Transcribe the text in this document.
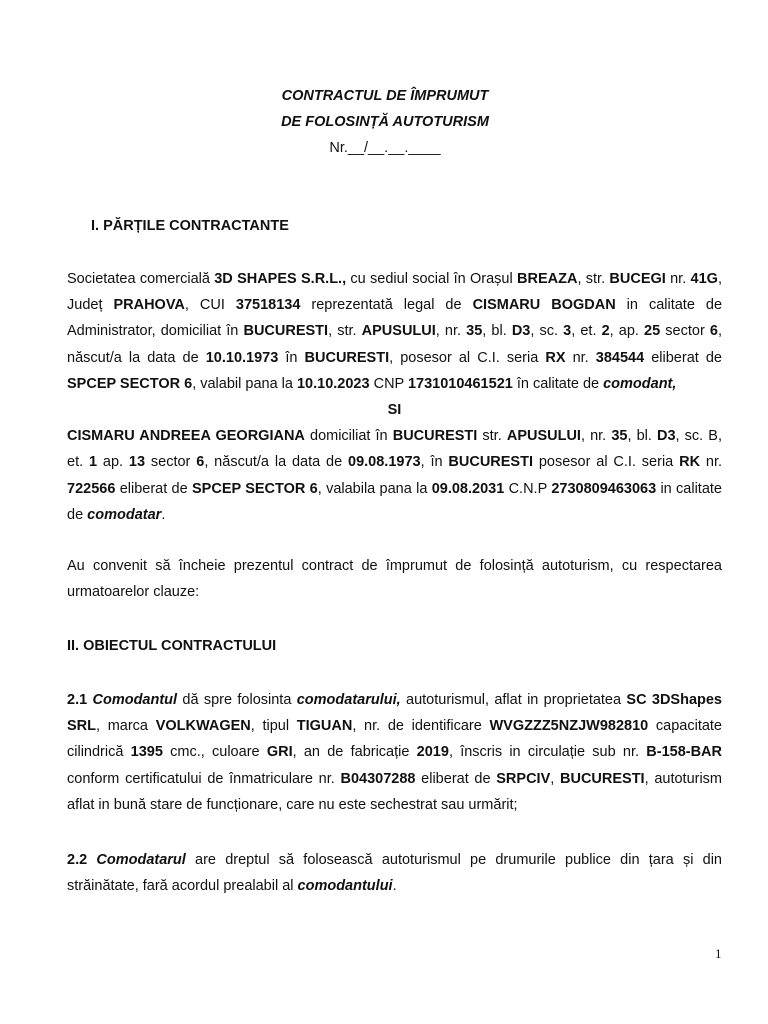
CONTRACTUL DE ÎMPRUMUT
DE FOLOSINȚĂ AUTOTURISM
Nr.__/__.__.____
I. PĂRȚILE CONTRACTANTE

Societatea comercială 3D SHAPES S.R.L., cu sediul social în Orașul BREAZA, str. BUCEGI nr. 41G, Județ PRAHOVA, CUI 37518134 reprezentată legal de CISMARU BOGDAN in calitate de Administrator, domiciliat în BUCURESTI, str. APUSULUI, nr. 35, bl. D3, sc. 3, et. 2, ap. 25 sector 6, născut/a la data de 10.10.1973 în BUCURESTI, posesor al C.I. seria RX nr. 384544 eliberat de SPCEP SECTOR 6, valabil pana la 10.10.2023 CNP 1731010461521 în calitate de comodant,
SI
CISMARU ANDREEA GEORGIANA domiciliat în BUCURESTI str. APUSULUI, nr. 35, bl. D3, sc. B, et. 1 ap. 13 sector 6, născut/a la data de 09.08.1973, în BUCURESTI posesor al C.I. seria RK nr. 722566 eliberat de SPCEP SECTOR 6, valabila pana la 09.08.2031 C.N.P 2730809463063 in calitate de comodatar.

Au convenit să încheie prezentul contract de împrumut de folosință autoturism, cu respectarea urmatoarelor clauze:

II. OBIECTUL CONTRACTULUI

2.1 Comodantul dă spre folosinta comodatarului, autoturismul, aflat in proprietatea SC 3DShapes SRL, marca VOLKWAGEN, tipul TIGUAN, nr. de identificare WVGZZZ5NZJW982810 capacitate cilindrică 1395 cmc., culoare GRI, an de fabricație 2019, înscris in circulație sub nr. B-158-BAR conform certificatului de înmatriculare nr. B04307288 eliberat de SRPCIV, BUCURESTI, autoturism aflat in bună stare de funcționare, care nu este sechestrat sau urmărit;

2.2 Comodatarul are dreptul să folosească autoturismul pe drumurile publice din țara și din străinătate, fară acordul prealabil al comodantului.

1
